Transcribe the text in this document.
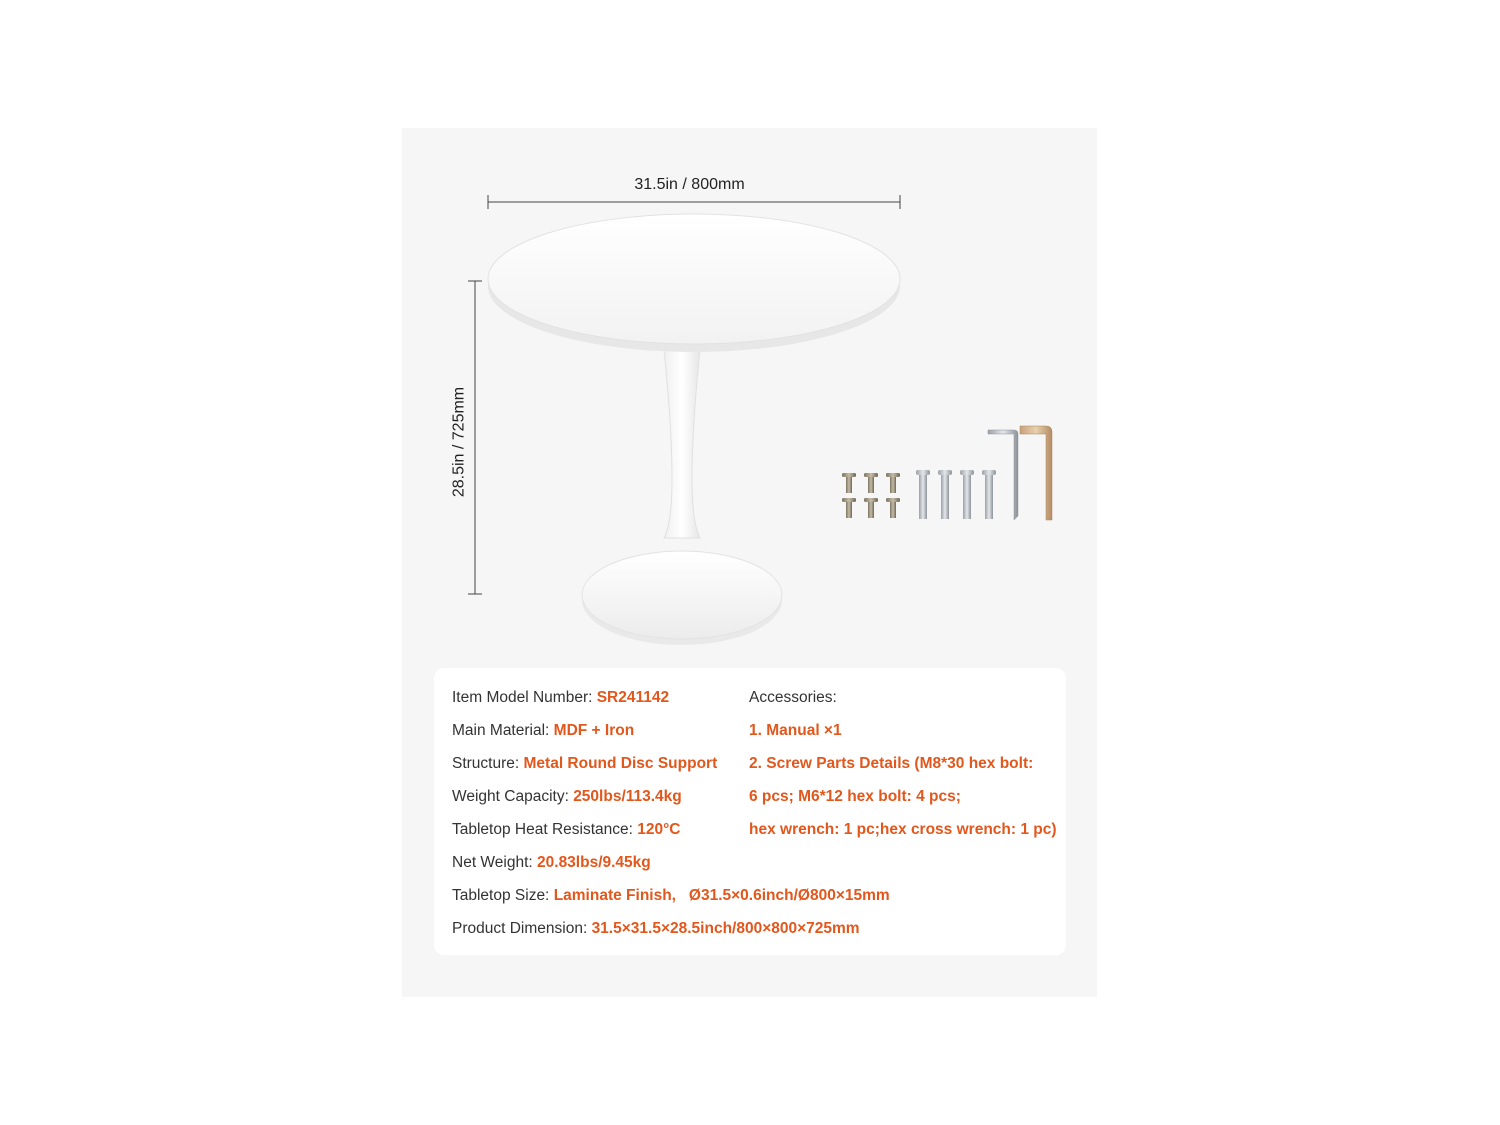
31.5in / 800mm
28.5in / 725mm
Item Model Number: SR241142
Main Material: MDF + Iron
Structure: Metal Round Disc Support
Weight Capacity: 250lbs/113.4kg
Tabletop Heat Resistance: 120°C
Net Weight: 20.83lbs/9.45kg
Tabletop Size: Laminate Finish,   Ø31.5×0.6inch/Ø800×15mm
Product Dimension: 31.5×31.5×28.5inch/800×800×725mm
Accessories:
1. Manual ×1
2. Screw Parts Details (M8*30 hex bolt:
6 pcs; M6*12 hex bolt: 4 pcs;
hex wrench: 1 pc;hex cross wrench: 1 pc)
